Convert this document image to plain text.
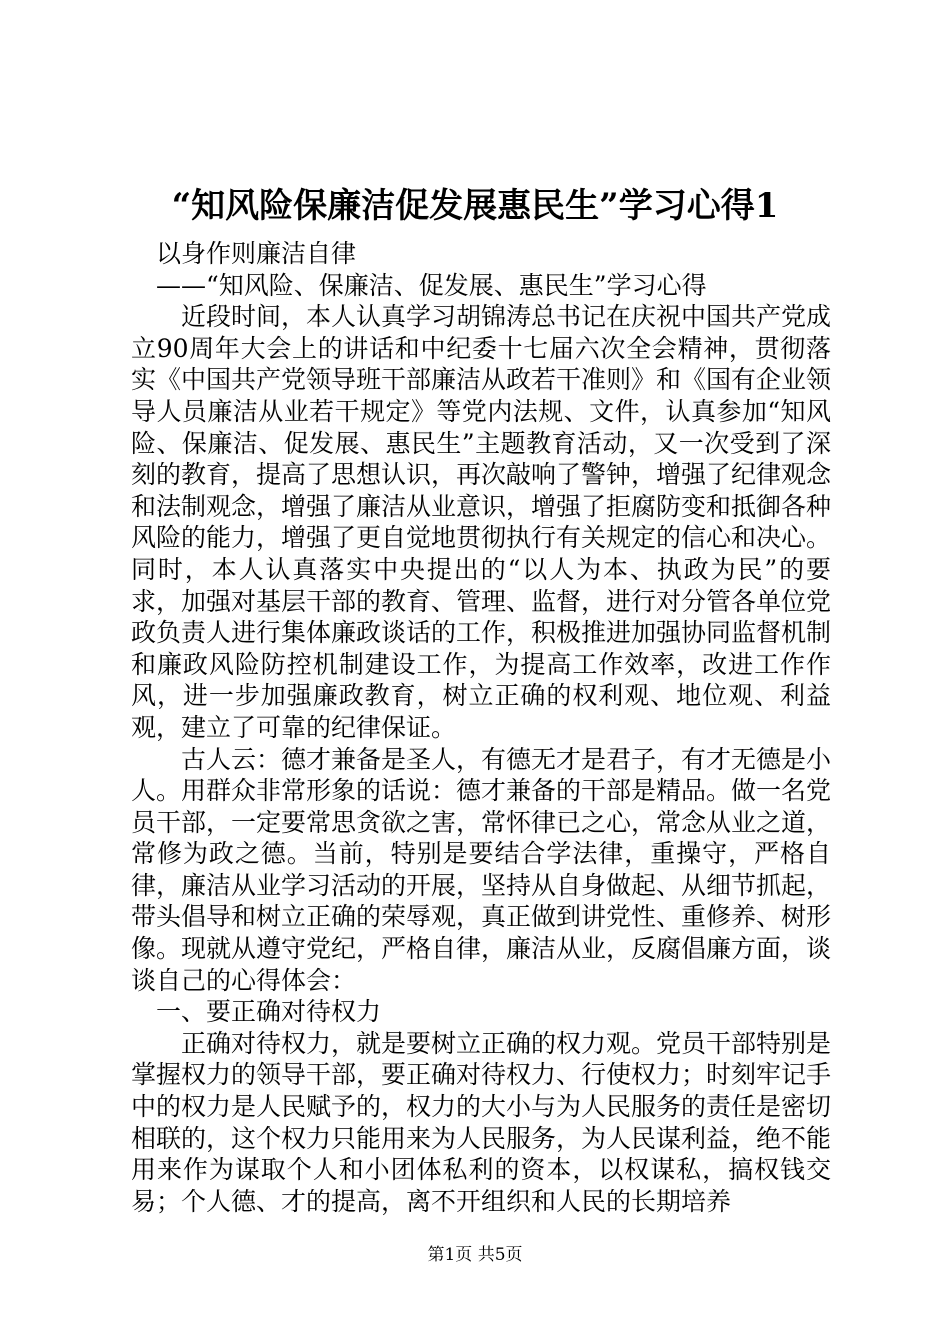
“知风险保廉洁促发展惠民生”学习心得1

以身作则廉洁自律

——“知风险、保廉洁、促发展、惠民生”学习心得

近段时间，本人认真学习胡锦涛总书记在庆祝中国共产党成立90周年大会上的讲话和中纪委十七届六次全会精神，贯彻落实《中国共产党领导班干部廉洁从政若干准则》和《国有企业领导人员廉洁从业若干规定》等党内法规、文件，认真参加“知风险、保廉洁、促发展、惠民生”主题教育活动，又一次受到了深刻的教育，提高了思想认识，再次敲响了警钟，增强了纪律观念和法制观念，增强了廉洁从业意识，增强了拒腐防变和抵御各种风险的能力，增强了更自觉地贯彻执行有关规定的信心和决心。同时，本人认真落实中央提出的“以人为本、执政为民”的要求，加强对基层干部的教育、管理、监督，进行对分管各单位党政负责人进行集体廉政谈话的工作，积极推进加强协同监督机制和廉政风险防控机制建设工作，为提高工作效率，改进工作作风，进一步加强廉政教育，树立正确的权利观、地位观、利益观，建立了可靠的纪律保证。

古人云：德才兼备是圣人，有德无才是君子，有才无德是小人。用群众非常形象的话说：德才兼备的干部是精品。做一名党员干部，一定要常思贪欲之害，常怀律已之心，常念从业之道，常修为政之德。当前，特别是要结合学法律，重操守，严格自律，廉洁从业学习活动的开展，坚持从自身做起、从细节抓起，带头倡导和树立正确的荣辱观，真正做到讲党性、重修养、树形像。现就从遵守党纪，严格自律，廉洁从业，反腐倡廉方面，谈谈自己的心得体会：

一、要正确对待权力

正确对待权力，就是要树立正确的权力观。党员干部特别是掌握权力的领导干部，要正确对待权力、行使权力；时刻牢记手中的权力是人民赋予的，权力的大小与为人民服务的责任是密切相联的，这个权力只能用来为人民服务，为人民谋利益，绝不能用来作为谋取个人和小团体私利的资本，以权谋私，搞权钱交易；个人德、才的提高，离不开组织和人民的长期培养

第1页 共5页
